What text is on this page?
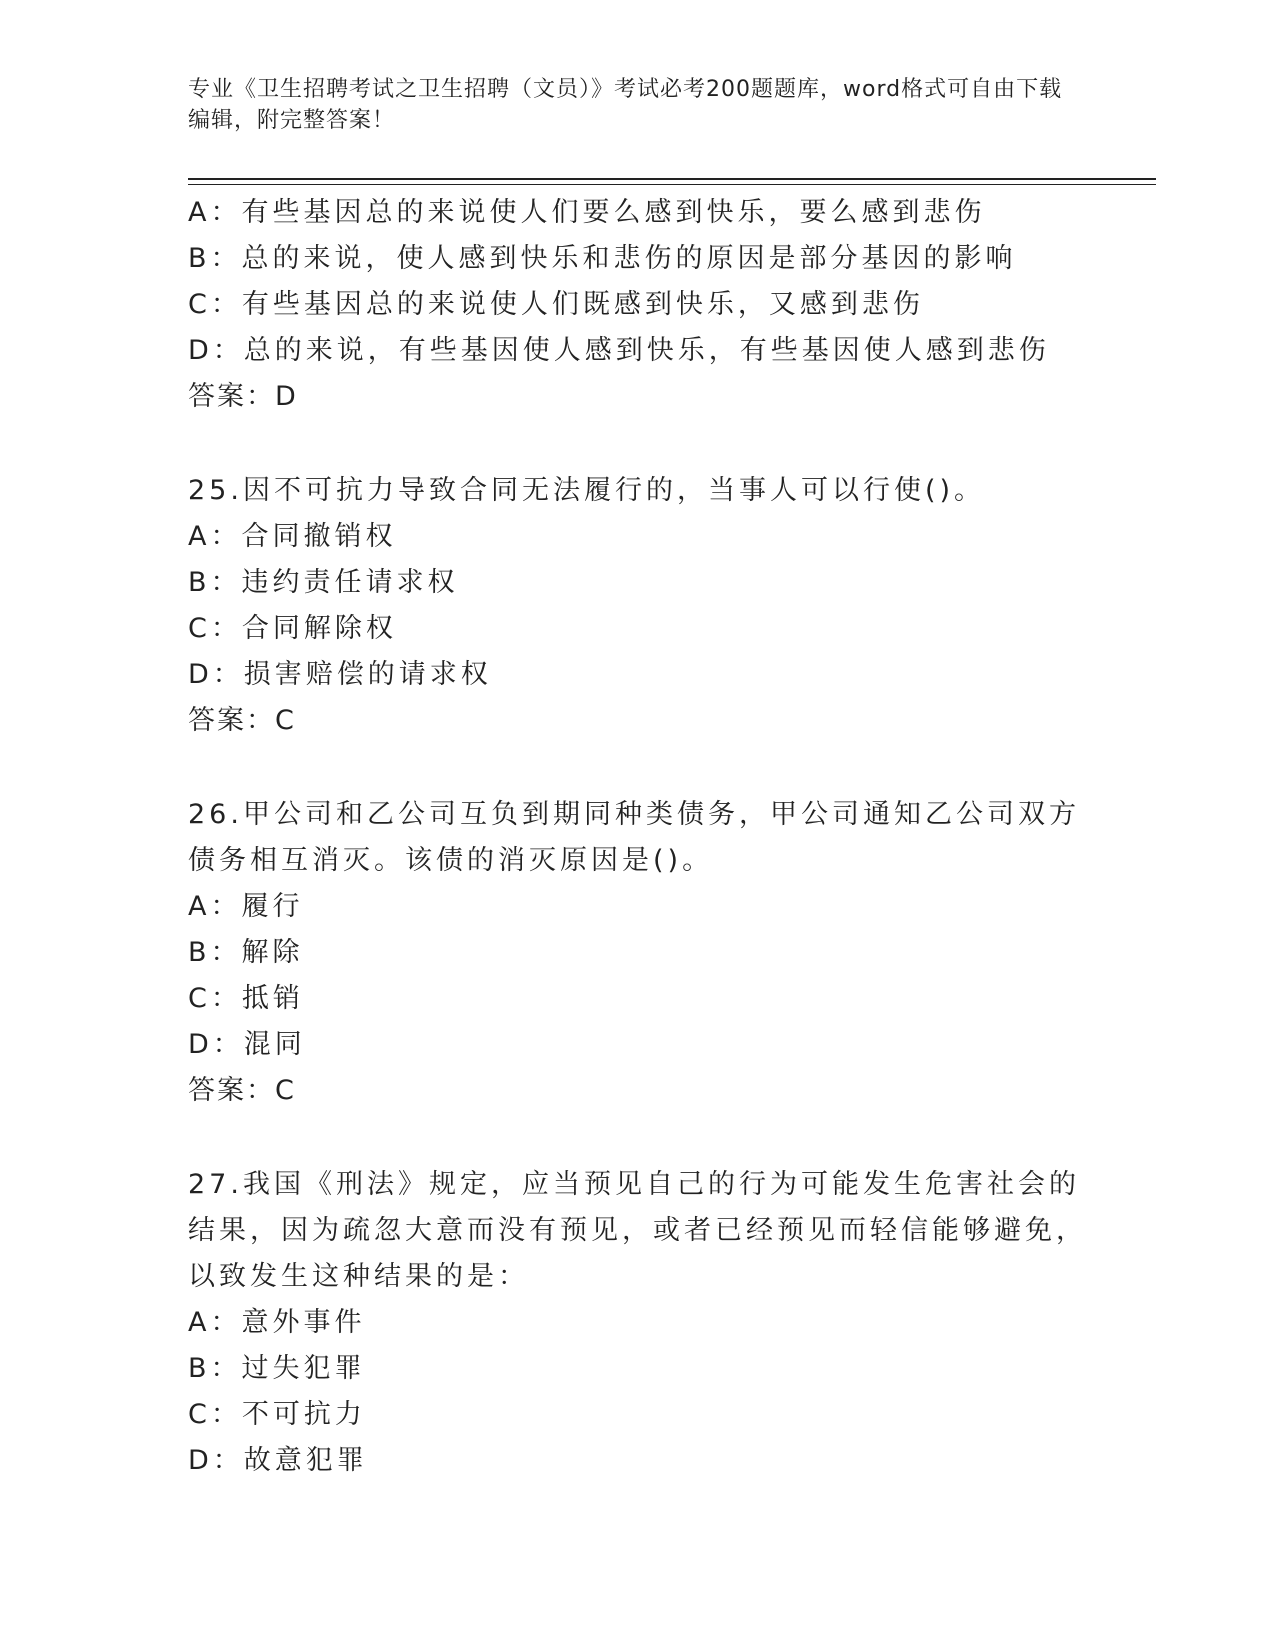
专业《卫生招聘考试之卫生招聘（文员）》考试必考200题题库，word格式可自由下载编辑，附完整答案！
A：有些基因总的来说使人们要么感到快乐，要么感到悲伤
B：总的来说，使人感到快乐和悲伤的原因是部分基因的影响
C：有些基因总的来说使人们既感到快乐，又感到悲伤
D：总的来说，有些基因使人感到快乐，有些基因使人感到悲伤
答案：D
25.因不可抗力导致合同无法履行的，当事人可以行使()。
A：合同撤销权
B：违约责任请求权
C：合同解除权
D：损害赔偿的请求权
答案：C
26.甲公司和乙公司互负到期同种类债务，甲公司通知乙公司双方债务相互消灭。该债的消灭原因是()。
A：履行
B：解除
C：抵销
D：混同
答案：C
27.我国《刑法》规定，应当预见自己的行为可能发生危害社会的结果，因为疏忽大意而没有预见，或者已经预见而轻信能够避免，以致发生这种结果的是：
A：意外事件
B：过失犯罪
C：不可抗力
D：故意犯罪
